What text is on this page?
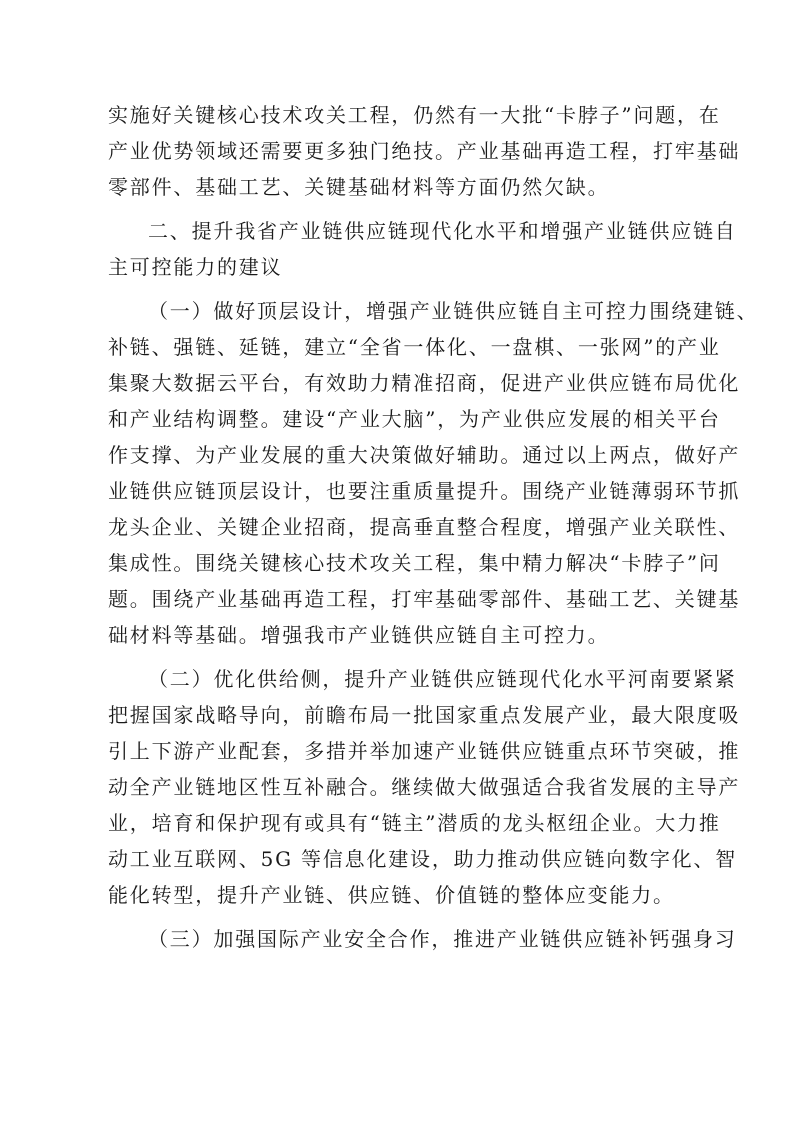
实施好关键核心技术攻关工程，仍然有一大批“卡脖子”问题，在
产业优势领域还需要更多独门绝技。产业基础再造工程，打牢基础
零部件、基础工艺、关键基础材料等方面仍然欠缺。
二、提升我省产业链供应链现代化水平和增强产业链供应链自
主可控能力的建议
（一）做好顶层设计，增强产业链供应链自主可控力围绕建链、
补链、强链、延链，建立“全省一体化、一盘棋、一张网”的产业
集聚大数据云平台，有效助力精准招商，促进产业供应链布局优化
和产业结构调整。建设“产业大脑”，为产业供应发展的相关平台
作支撑、为产业发展的重大决策做好辅助。通过以上两点，做好产
业链供应链顶层设计，也要注重质量提升。围绕产业链薄弱环节抓
龙头企业、关键企业招商，提高垂直整合程度，增强产业关联性、
集成性。围绕关键核心技术攻关工程，集中精力解决“卡脖子”问
题。围绕产业基础再造工程，打牢基础零部件、基础工艺、关键基
础材料等基础。增强我市产业链供应链自主可控力。
（二）优化供给侧，提升产业链供应链现代化水平河南要紧紧
把握国家战略导向，前瞻布局一批国家重点发展产业，最大限度吸
引上下游产业配套，多措并举加速产业链供应链重点环节突破，推
动全产业链地区性互补融合。继续做大做强适合我省发展的主导产
业，培育和保护现有或具有“链主”潜质的龙头枢纽企业。大力推
动工业互联网、5G 等信息化建设，助力推动供应链向数字化、智
能化转型，提升产业链、供应链、价值链的整体应变能力。
（三）加强国际产业安全合作，推进产业链供应链补钙强身习
